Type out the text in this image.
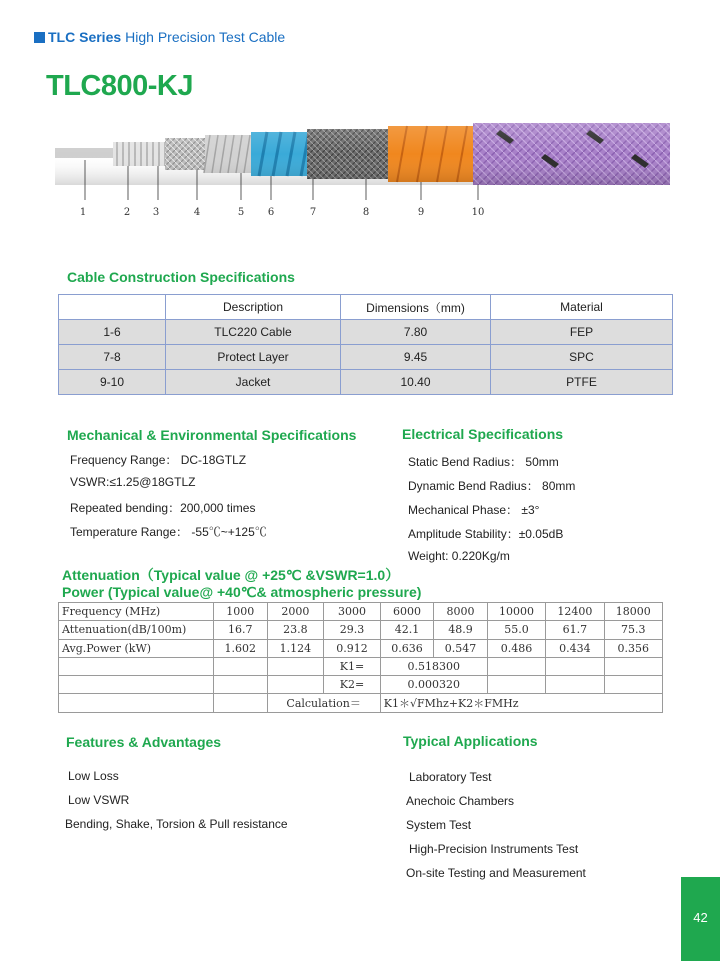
TLC Series High Precision Test Cable
TLC800-KJ
1	2 3	4	5 6	7	8	9	10
Cable Construction Specifications
	Description	Dimensions（mm)	Material
1-6	TLC220 Cable	7.80	FEP
7-8	Protect Layer	9.45	SPC
9-10	Jacket	10.40	PTFE
Mechanical & Environmental Specifications
Frequency Range： DC-18GTLZ
VSWR:≤1.25@18GTLZ
Repeated bending：200,000 times
Temperature Range： -55℃~+125℃
Electrical Specifications
Static Bend Radius： 50mm
Dynamic Bend Radius： 80mm
Mechanical Phase： ±3°
Amplitude Stability：±0.05dB
Weight: 0.220Kg/m
Attenuation（Typical value @ +25℃ &VSWR=1.0）
Power (Typical value@ +40℃& atmospheric pressure)
Frequency (MHz)	1000	2000	3000	6000	8000	10000	12400	18000
Attenuation(dB/100m)	16.7	23.8	29.3	42.1	48.9	55.0	61.7	75.3
Avg.Power (kW)	1.602	1.124	0.912	0.636	0.547	0.486	0.434	0.356
			K1=	0.518300				
			K2=	0.000320				
		Calculation＝		K1＊√FMhz+K2＊FMHz				
Features & Advantages
Low Loss
Low VSWR
Bending, Shake, Torsion & Pull resistance
Typical Applications
Laboratory Test
Anechoic Chambers
System Test
High-Precision Instruments Test
On-site Testing and Measurement
42
